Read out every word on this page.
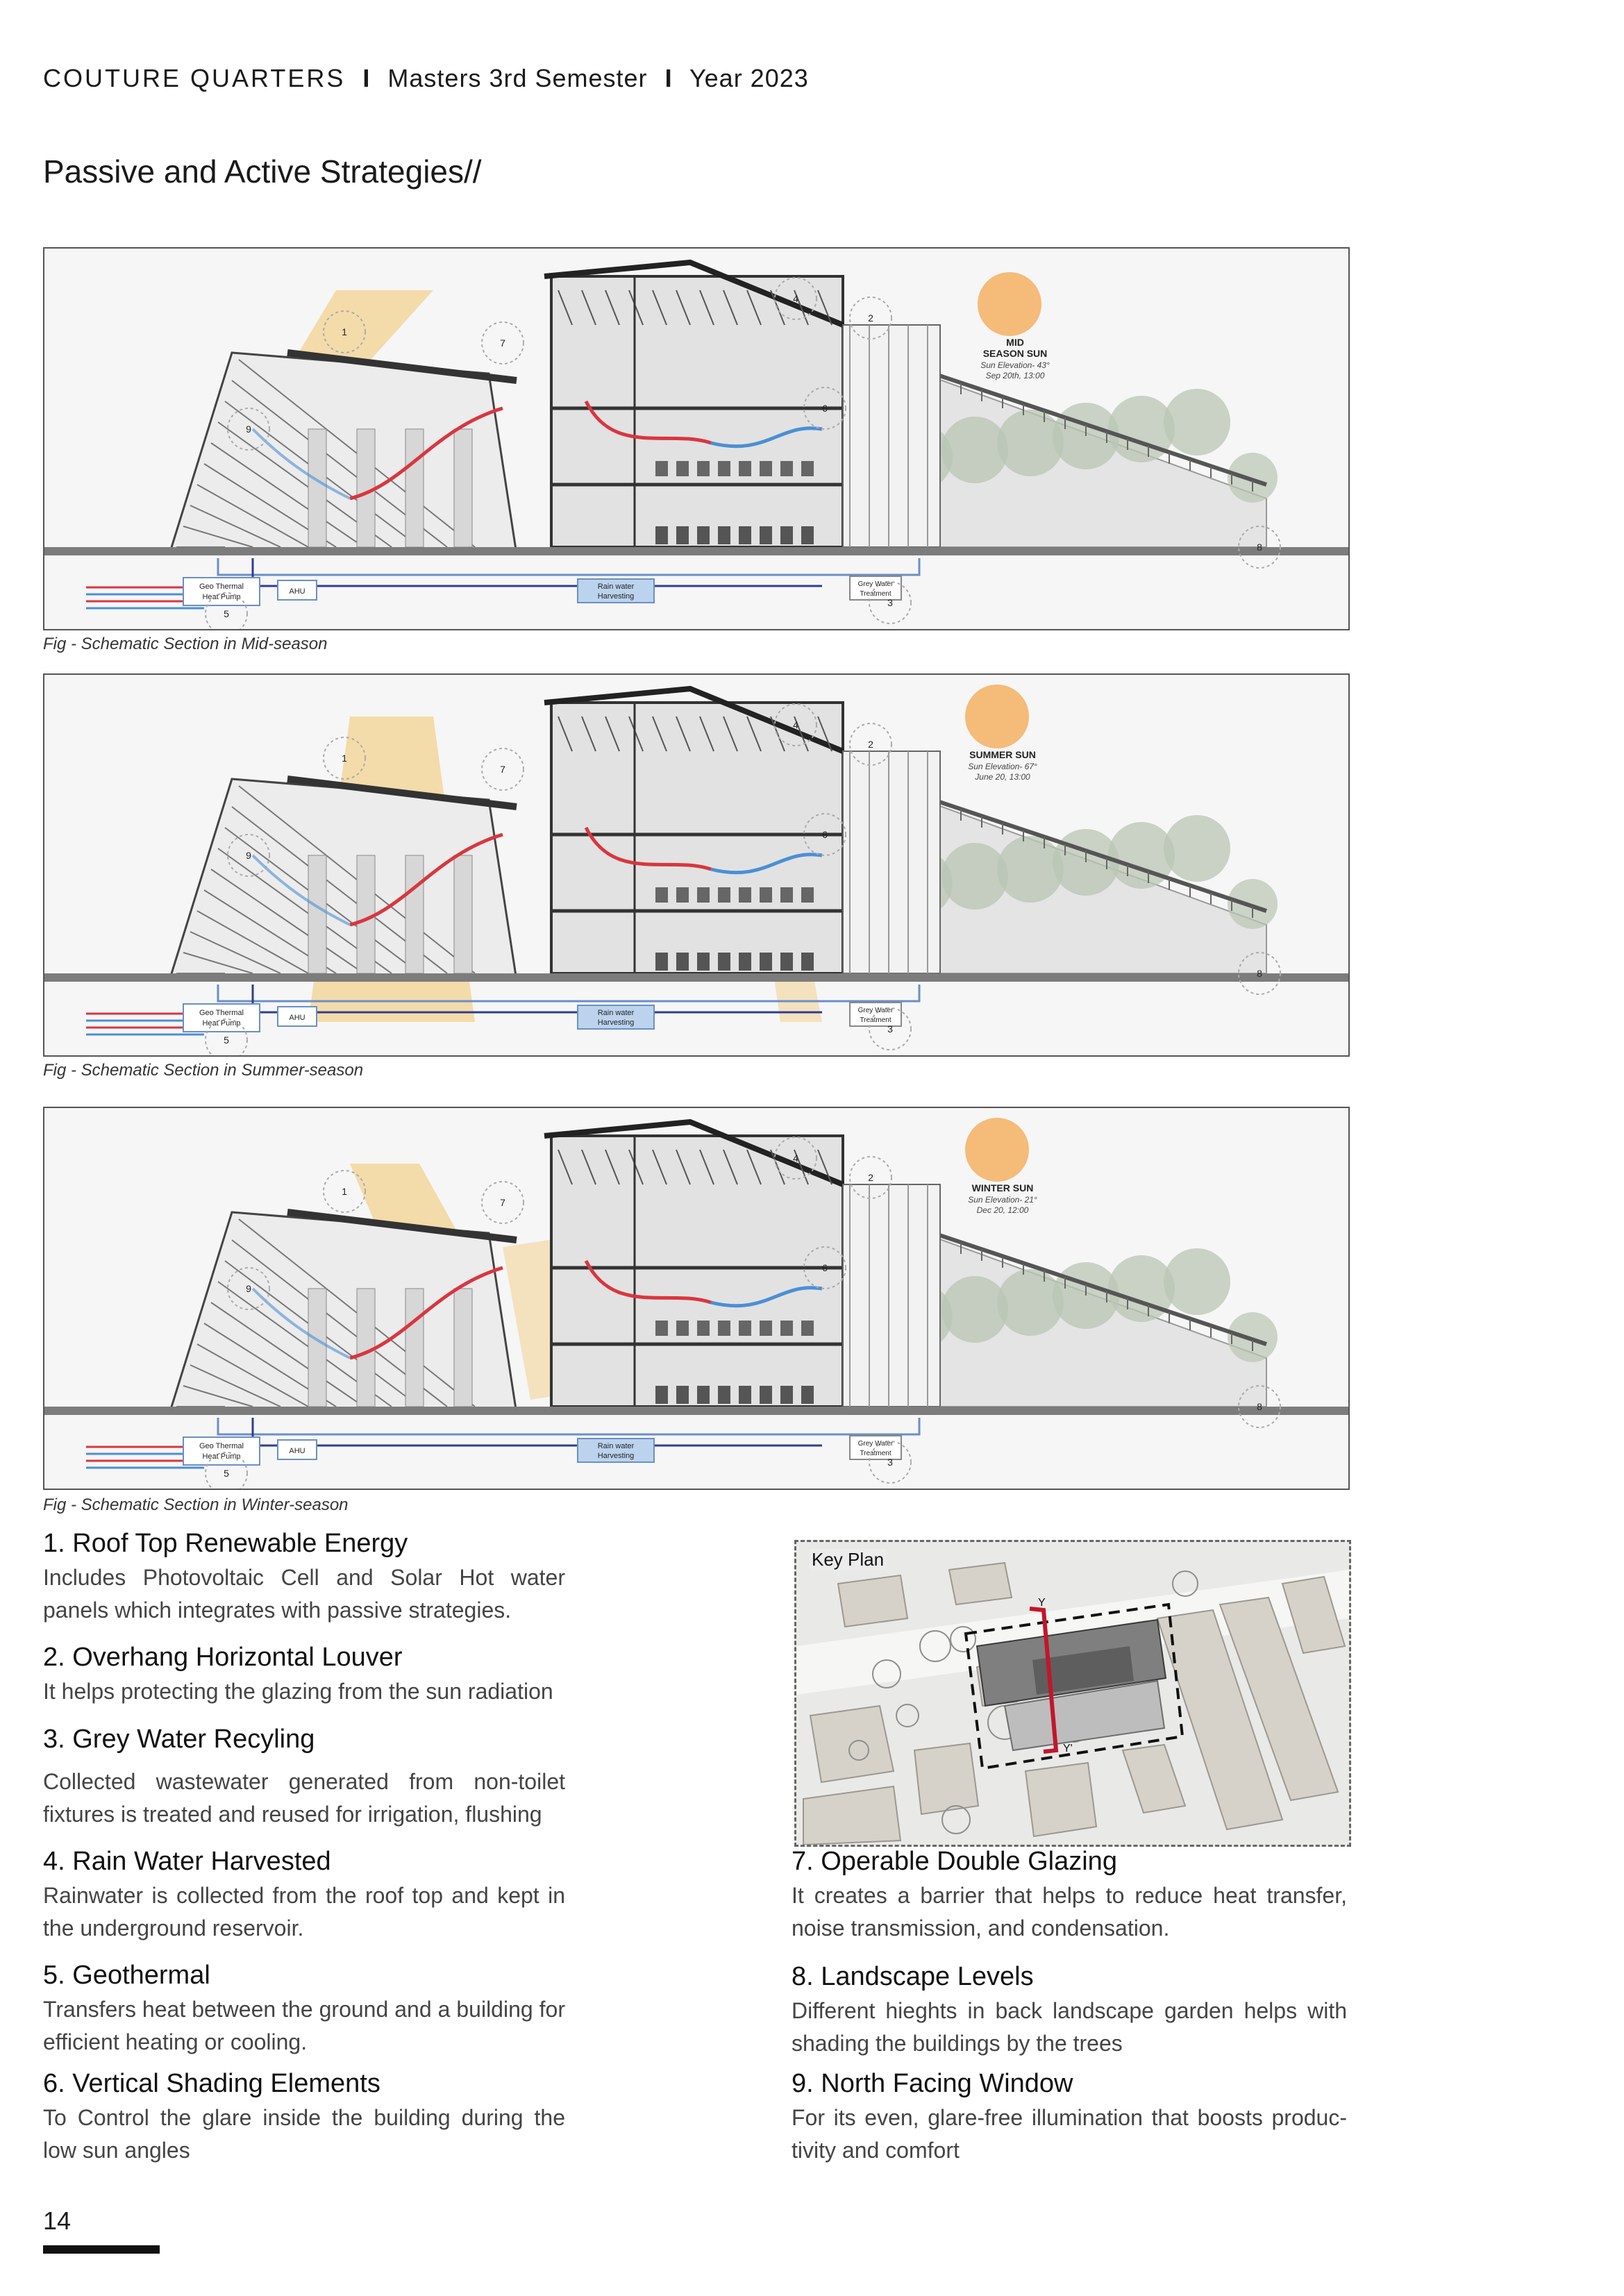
COUTURE QUARTERS I Masters 3rd Semester I Year 2023
Passive and Active Strategies//
Geo Thermal
Heat Pump
AHU
Rain water
Harvesting
Grey Water
Treatment
MID
SEASON SUN
Sun Elevation- 43°
Sep 20th, 13:00
1
2
3
4
5
6
7
8
9
Fig - Schematic Section in Mid-season
Geo Thermal
Heat Pump
AHU
Rain water
Harvesting
Grey Water
Treatment
SUMMER SUN
Sun Elevation- 67°
June 20, 13:00
1
2
3
4
5
6
7
8
9
Fig - Schematic Section in Summer-season
Geo Thermal
Heat Pump
AHU
Rain water
Harvesting
Grey Water
Treatment
WINTER SUN
Sun Elevation- 21°
Dec 20, 12:00
1
2
3
4
5
6
7
8
9
Fig - Schematic Section in Winter-season
1. Roof Top Renewable Energy

Includes Photovoltaic Cell and Solar Hot water panels which integrates with passive strategies.

2. Overhang Horizontal Louver

It helps protecting the glazing from the sun radiation

3. Grey Water Recyling

Collected wastewater generated from non-toilet fixtures is treated and reused for irrigation, flushing

4. Rain Water Harvested

Rainwater is collected from the roof top and kept in the underground reservoir.

5. Geothermal

Transfers heat between the ground and a building for efficient heating or cooling.

6. Vertical Shading Elements

To Control the glare inside the building during the low sun angles

Y
Y'
Key Plan
7. Operable Double Glazing

It creates a barrier that helps to reduce heat transfer, noise transmission, and condensation.

8. Landscape Levels

Different hieghts in back landscape garden helps with shading the buildings by the trees

9. North Facing Window

For its even, glare-free illumination that boosts produc-tivity and comfort

14
